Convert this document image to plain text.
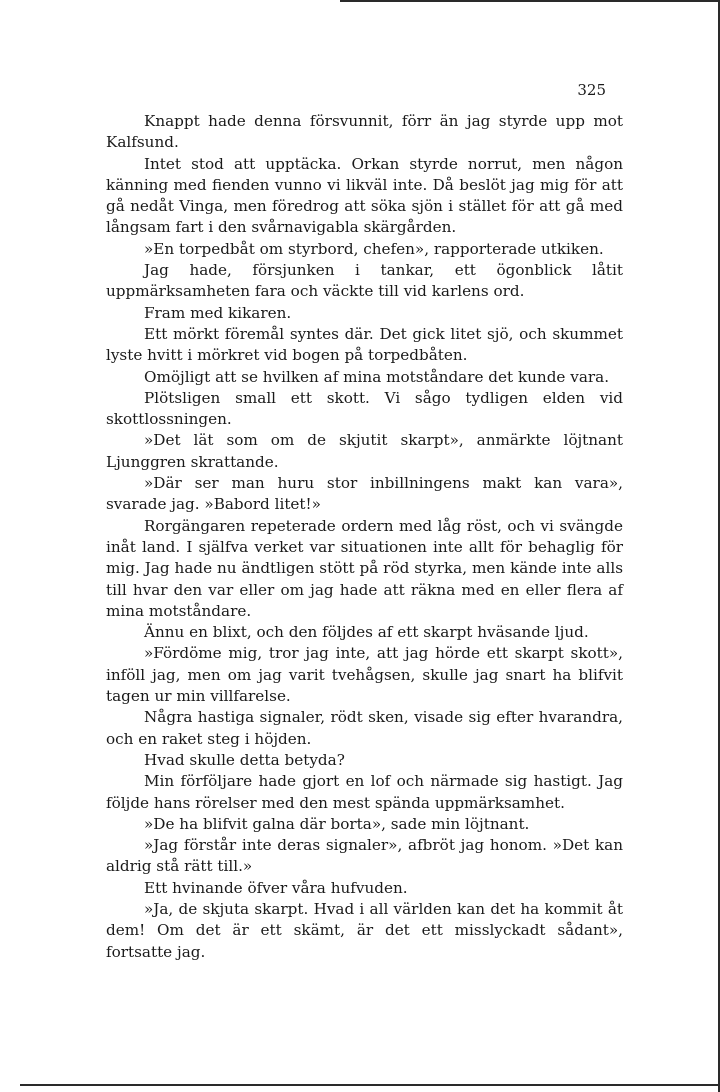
325

Knappt hade denna försvunnit, förr än jag styrde upp mot Kalfsund.

Intet stod att upptäcka. Orkan styrde norrut, men någon känning med fienden vunno vi likväl inte. Då beslöt jag mig för att gå nedåt Vinga, men föredrog att söka sjön i stället för att gå med långsam fart i den svårnavigabla skärgården.

»En torpedbåt om styrbord, chefen», rapporterade utkiken.

Jag hade, försjunken i tankar, ett ögonblick låtit uppmärksamheten fara och väckte till vid karlens ord.

Fram med kikaren.

Ett mörkt föremål syntes där. Det gick litet sjö, och skummet lyste hvitt i mörkret vid bogen på torpedbåten.

Omöjligt att se hvilken af mina motståndare det kunde vara.

Plötsligen small ett skott. Vi sågo tydligen elden vid skottlossningen.

»Det lät som om de skjutit skarpt», anmärkte löjtnant Ljunggren skrattande.

»Där ser man huru stor inbillningens makt kan vara», svarade jag. »Babord litet!»

Rorgängaren repeterade ordern med låg röst, och vi svängde inåt land. I själfva verket var situationen inte allt för behaglig för mig. Jag hade nu ändtligen stött på röd styrka, men kände inte alls till hvar den var eller om jag hade att räkna med en eller flera af mina motståndare.

Ännu en blixt, och den följdes af ett skarpt hväsande ljud.

»Fördöme mig, tror jag inte, att jag hörde ett skarpt skott», inföll jag, men om jag varit tvehågsen, skulle jag snart ha blifvit tagen ur min villfarelse.

Några hastiga signaler, rödt sken, visade sig efter hvarandra, och en raket steg i höjden.

Hvad skulle detta betyda?

Min förföljare hade gjort en lof och närmade sig hastigt. Jag följde hans rörelser med den mest spända uppmärksamhet.

»De ha blifvit galna där borta», sade min löjtnant.

»Jag förstår inte deras signaler», afbröt jag honom. »Det kan aldrig stå rätt till.»

Ett hvinande öfver våra hufvuden.

»Ja, de skjuta skarpt. Hvad i all världen kan det ha kommit åt dem! Om det är ett skämt, är det ett misslyckadt sådant», fortsatte jag.
